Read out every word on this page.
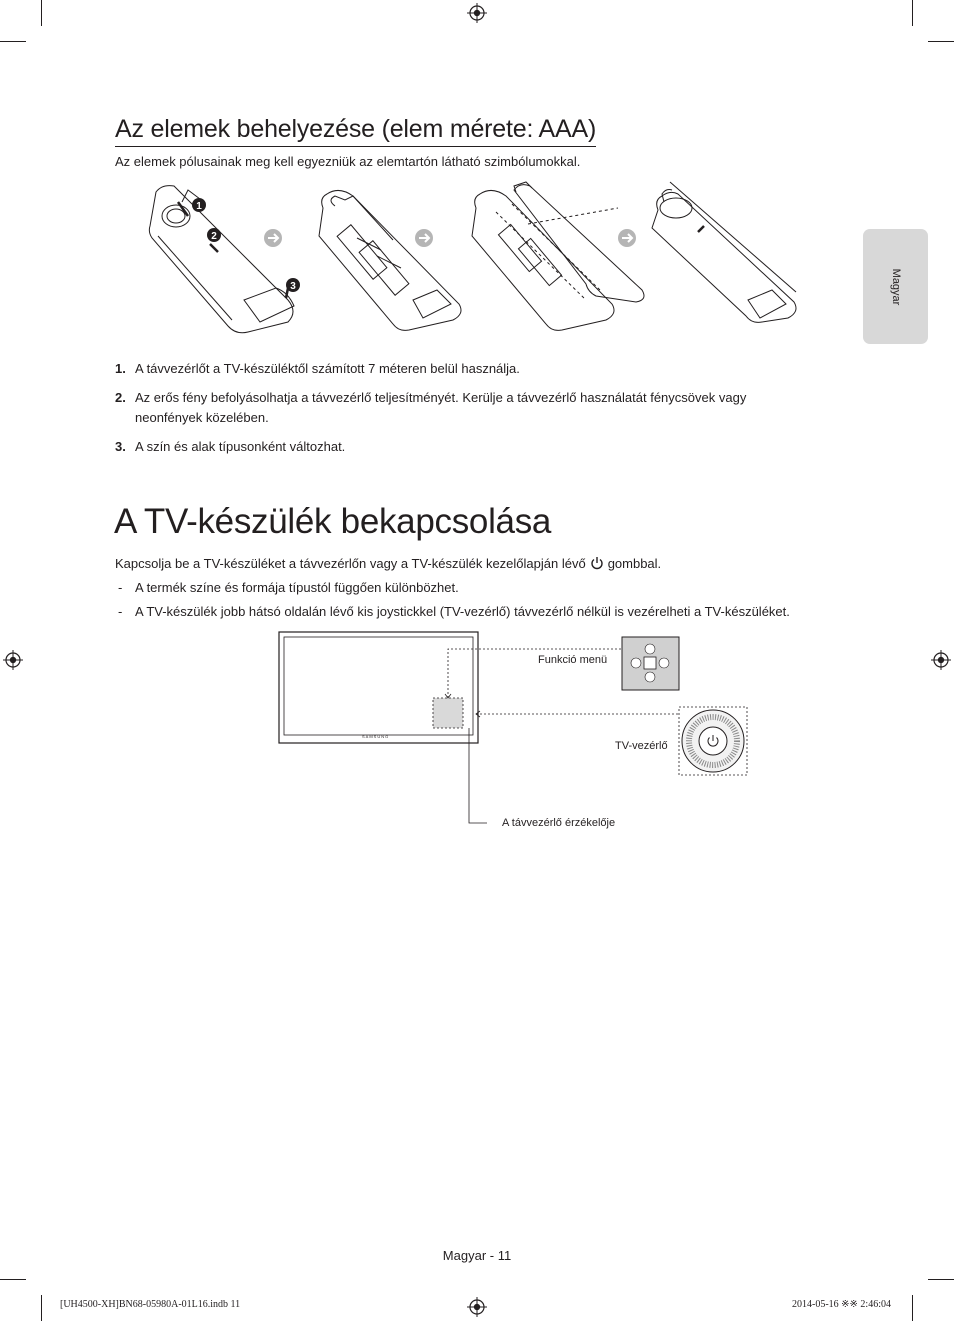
Az elemek behelyezése (elem mérete: AAA)

Az elemek pólusainak meg kell egyezniük az elemtartón látható szimbólumokkal.

1
2
3
1. A távvezérlőt a TV-készüléktől számított 7 méteren belül használja.
2. Az erős fény befolyásolhatja a távvezérlő teljesítményét. Kerülje a távvezérlő használatát fénycsövek vagy neonfények közelében.
3. A szín és alak típusonként változhat.
A TV-készülék bekapcsolása

Kapcsolja be a TV-készüléket a távvezérlőn vagy a TV-készülék kezelőlapján lévő gombbal.

- A termék színe és formája típustól függően különbözhet.
- A TV-készülék jobb hátsó oldalán lévő kis joystickkel (TV-vezérlő) távvezérlő nélkül is vezérelheti a TV-készüléket.
SAMSUNG
Funkció menü
TV-vezérlő
A távvezérlő érzékelője
Magyar
Magyar - 11
[UH4500-XH]BN68-05980A-01L16.indb 11	2014-05-16 ※※ 2:46:04
